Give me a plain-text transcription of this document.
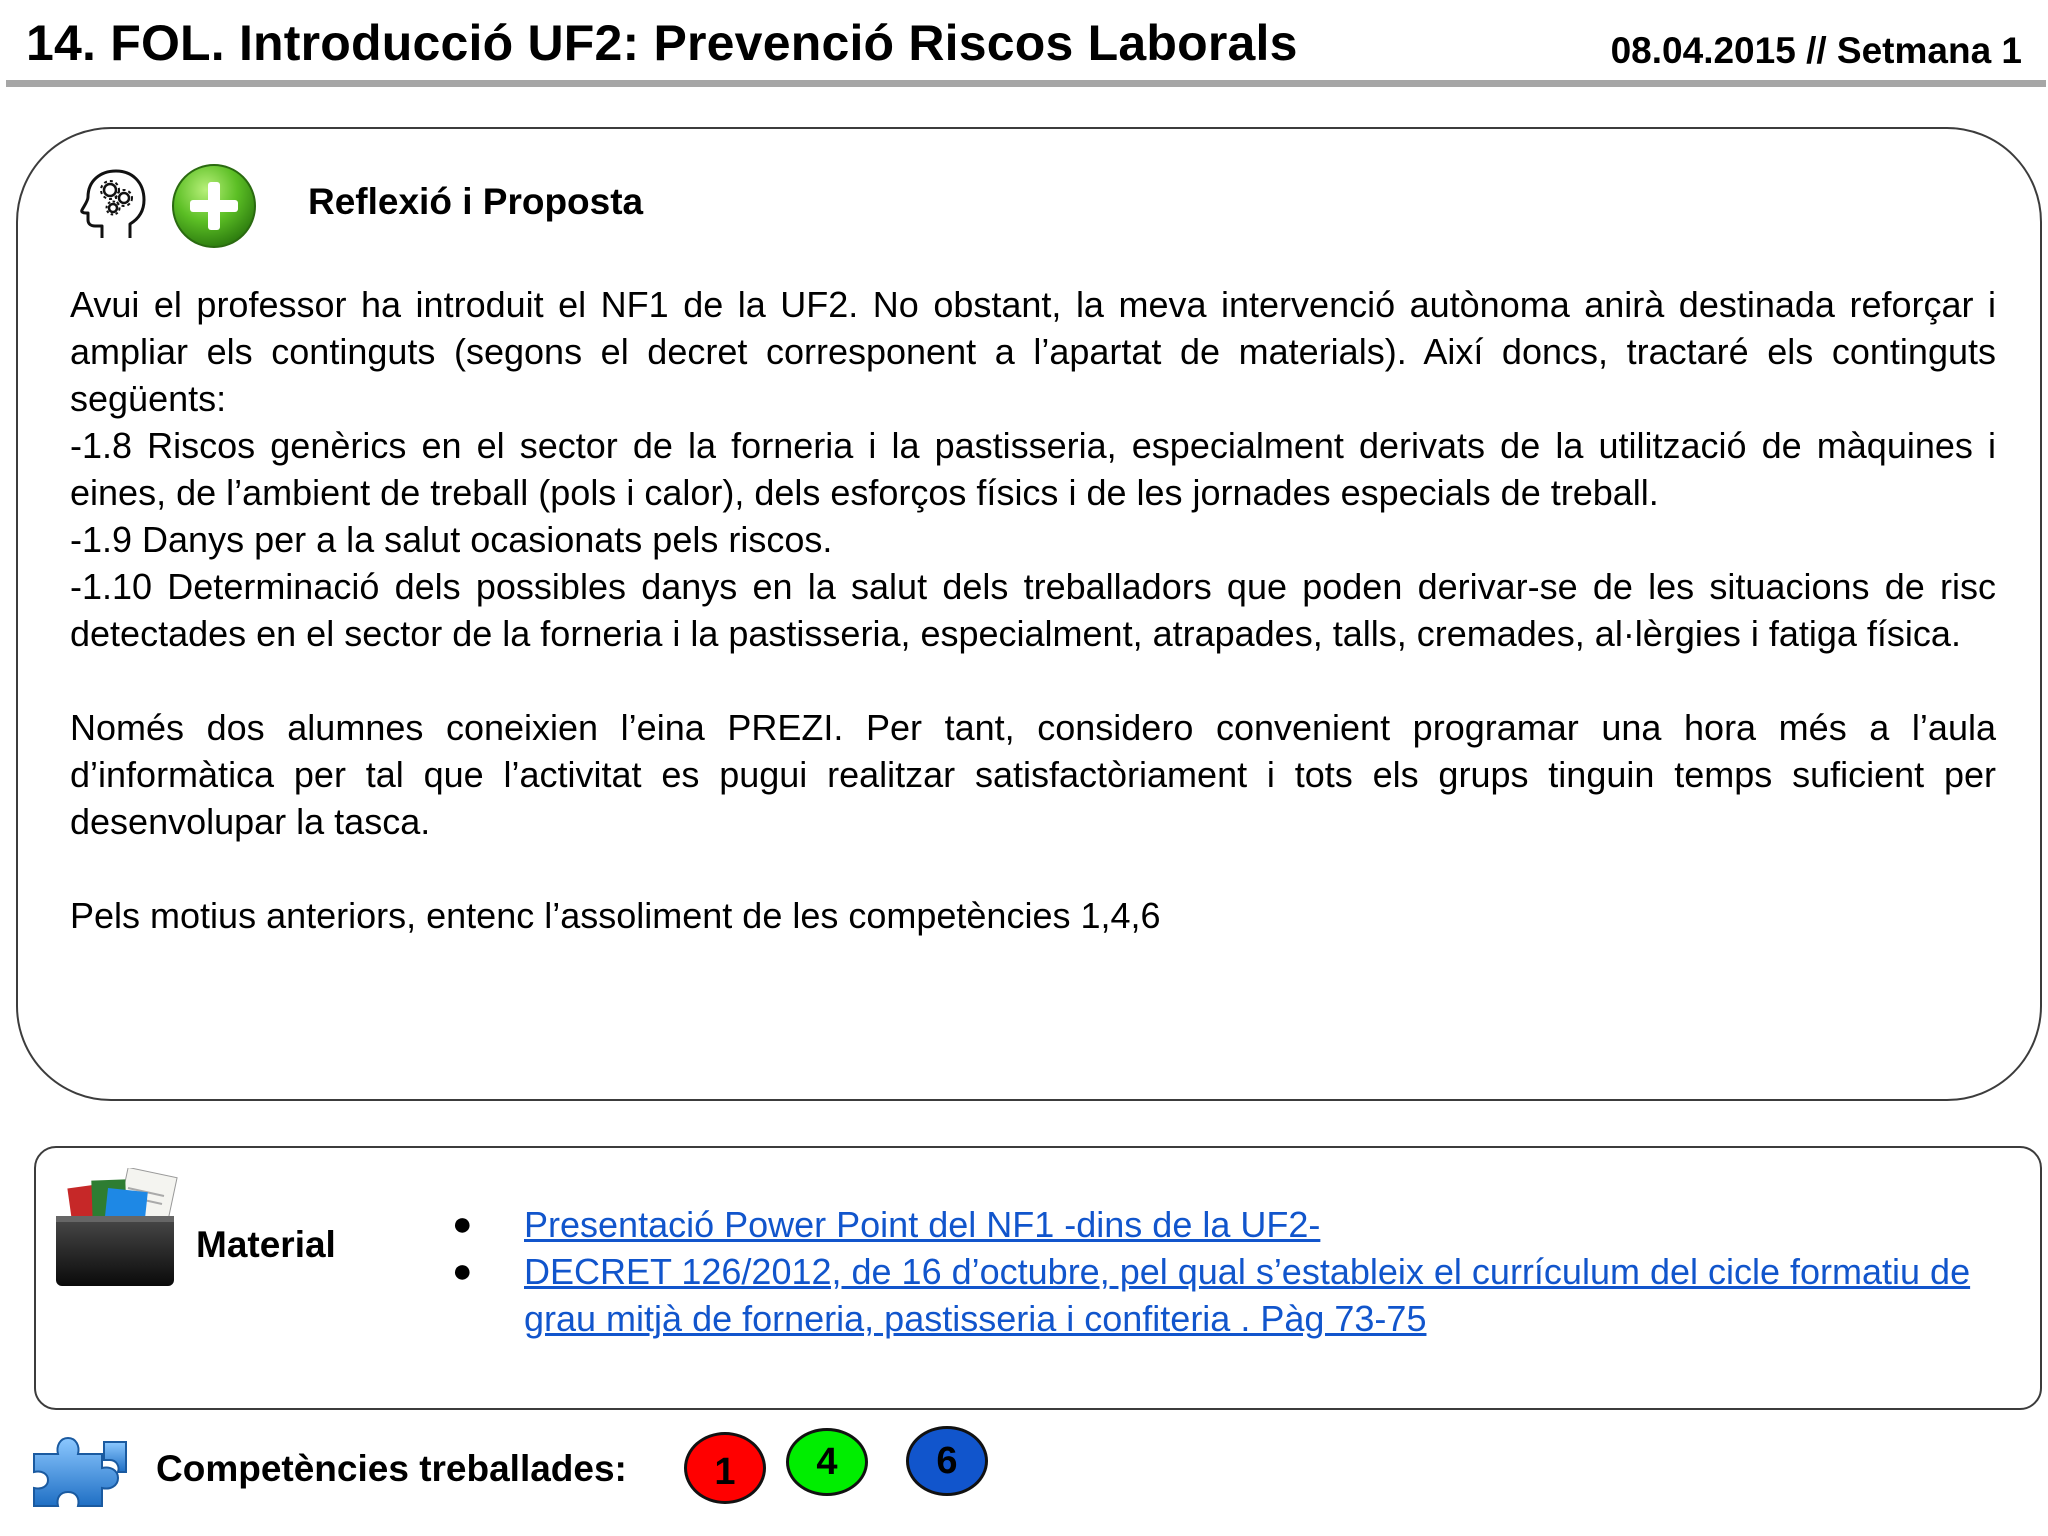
14. FOL. Introducció UF2: Prevenció Riscos Laborals	08.04.2015 // Setmana 1
Reflexió i Proposta

Avui el professor ha introduit el NF1 de la UF2. No obstant, la meva intervenció autònoma anirà destinada reforçar i ampliar els continguts (segons el decret corresponent a l’apartat de materials). Així doncs, tractaré els continguts següents:

-1.8 Riscos genèrics en el sector de la forneria i la pastisseria, especialment derivats de la utilització de màquines i eines, de l’ambient de treball (pols i calor), dels esforços físics i de les jornades especials de treball.

-1.9 Danys per a la salut ocasionats pels riscos.

-1.10 Determinació dels possibles danys en la salut dels treballadors que poden derivar-se de les situacions de risc detectades en el sector de la forneria i la pastisseria, especialment, atrapades, talls, cremades, al·lèrgies i fatiga física.

Només dos alumnes coneixien l’eina PREZI. Per tant, considero convenient programar una hora més a l’aula d’informàtica per tal que l’activitat es pugui realitzar satisfactòriament i tots els grups tinguin temps suficient per desenvolupar la tasca.

Pels motius anteriors, entenc l’assoliment de les competències 1,4,6

Material	● Presentació Power Point del NF1 -dins de la UF2-
● DECRET 126/2012, de 16 d’octubre, pel qual s’estableix el currículum del cicle formatiu de grau mitjà de forneria, pastisseria i confiteria . Pàg 73-75
Competències treballades:	1	4	6
